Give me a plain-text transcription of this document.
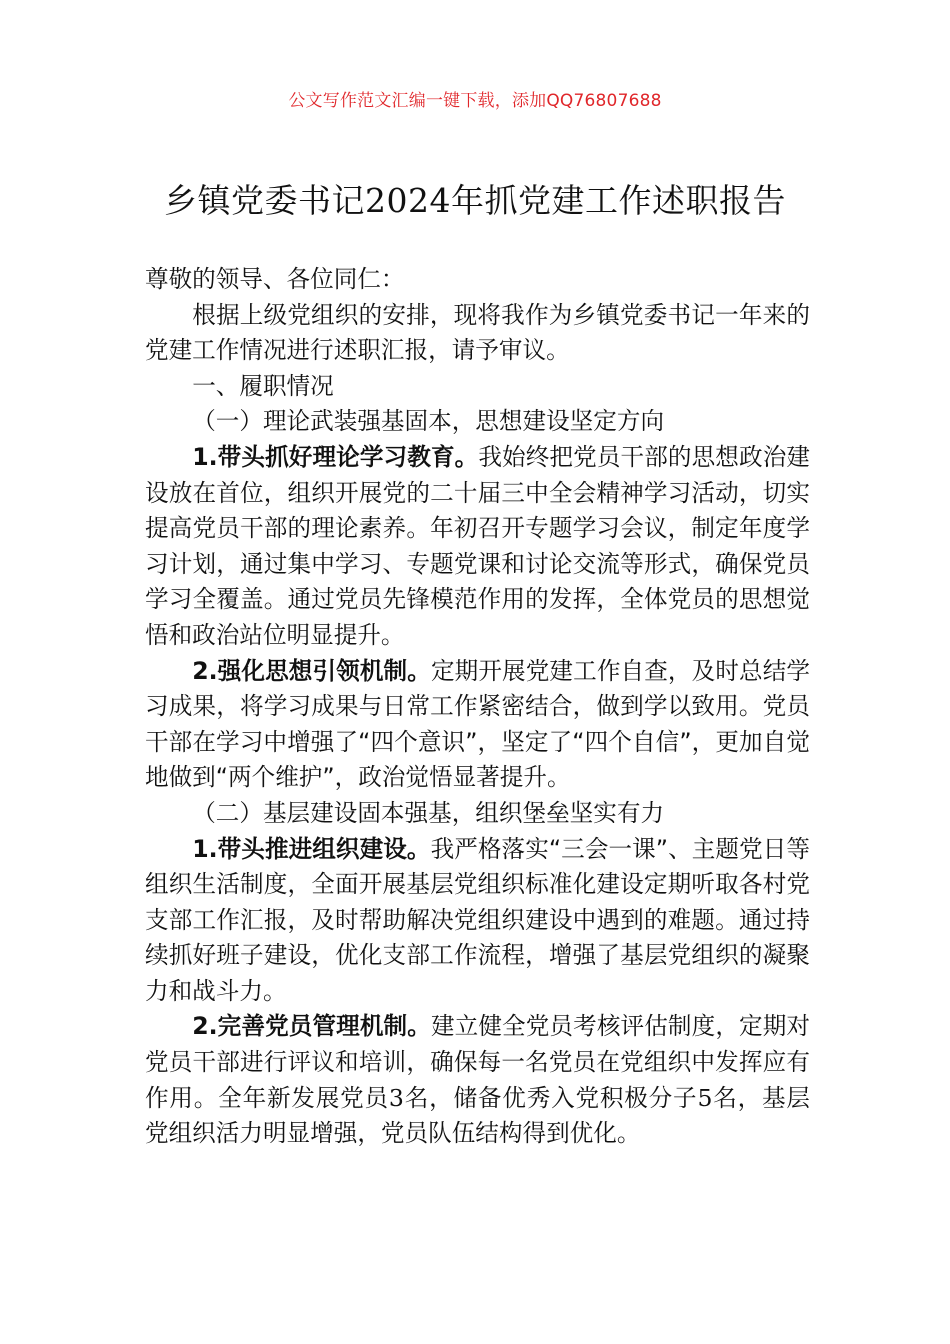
公文写作范文汇编一键下载，添加QQ76807688
乡镇党委书记2024年抓党建工作述职报告

尊敬的领导、各位同仁：

根据上级党组织的安排，现将我作为乡镇党委书记一年来的党建工作情况进行述职汇报，请予审议。

一、履职情况

（一）理论武装强基固本，思想建设坚定方向

1.带头抓好理论学习教育。我始终把党员干部的思想政治建设放在首位，组织开展党的二十届三中全会精神学习活动，切实提高党员干部的理论素养。年初召开专题学习会议，制定年度学习计划，通过集中学习、专题党课和讨论交流等形式，确保党员学习全覆盖。通过党员先锋模范作用的发挥，全体党员的思想觉悟和政治站位明显提升。

2.强化思想引领机制。定期开展党建工作自查，及时总结学习成果，将学习成果与日常工作紧密结合，做到学以致用。党员干部在学习中增强了“四个意识”，坚定了“四个自信”，更加自觉地做到“两个维护”，政治觉悟显著提升。

（二）基层建设固本强基，组织堡垒坚实有力

1.带头推进组织建设。我严格落实“三会一课”、主题党日等组织生活制度，全面开展基层党组织标准化建设定期听取各村党支部工作汇报，及时帮助解决党组织建设中遇到的难题。通过持续抓好班子建设，优化支部工作流程，增强了基层党组织的凝聚力和战斗力。

2.完善党员管理机制。建立健全党员考核评估制度，定期对党员干部进行评议和培训，确保每一名党员在党组织中发挥应有作用。全年新发展党员3名，储备优秀入党积极分子5名，基层党组织活力明显增强，党员队伍结构得到优化。
